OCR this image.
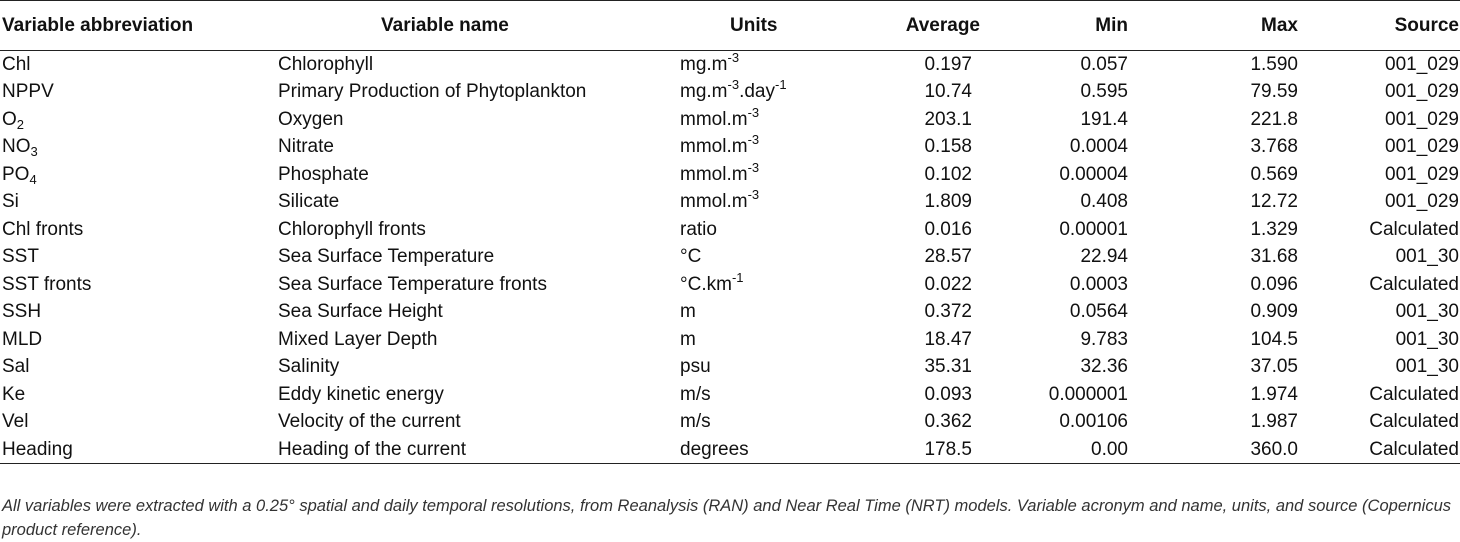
Variable abbreviation	Variable name	Units	Average	Min	Max	Source
Chl	Chlorophyll	$mg.m^{-3}$	0.197	0.057	1.590	001_029
NPPV	Primary Production of Phytoplankton	$mg.m^{-3}.day^{-1}$	10.74	0.595	79.59	001_029
$O_2$	Oxygen	$mmol.m^{-3}$	203.1	191.4	221.8	001_029
$NO_3$	Nitrate	$mmol.m^{-3}$	0.158	0.0004	3.768	001_029
$PO_4$	Phosphate	$mmol.m^{-3}$	0.102	0.00004	0.569	001_029
Si	Silicate	$mmol.m^{-3}$	1.809	0.408	12.72	001_029
Chl fronts	Chlorophyll fronts	ratio	0.016	0.00001	1.329	Calculated
SST	Sea Surface Temperature	°C	28.57	22.94	31.68	001_30
SST fronts	Sea Surface Temperature fronts	$^\circ C.km^{-1}$	0.022	0.0003	0.096	Calculated
SSH	Sea Surface Height	m	0.372	0.0564	0.909	001_30
MLD	Mixed Layer Depth	m	18.47	9.783	104.5	001_30
Sal	Salinity	psu	35.31	32.36	37.05	001_30
Ke	Eddy kinetic energy	m/s	0.093	0.000001	1.974	Calculated
Vel	Velocity of the current	m/s	0.362	0.00106	1.987	Calculated
Heading	Heading of the current	degrees	178.5	0.00	360.0	Calculated
All variables were extracted with a 0.25° spatial and daily temporal resolutions, from Reanalysis (RAN) and Near Real Time (NRT) models. Variable acronym and name, units, and source (Copernicus product reference).
